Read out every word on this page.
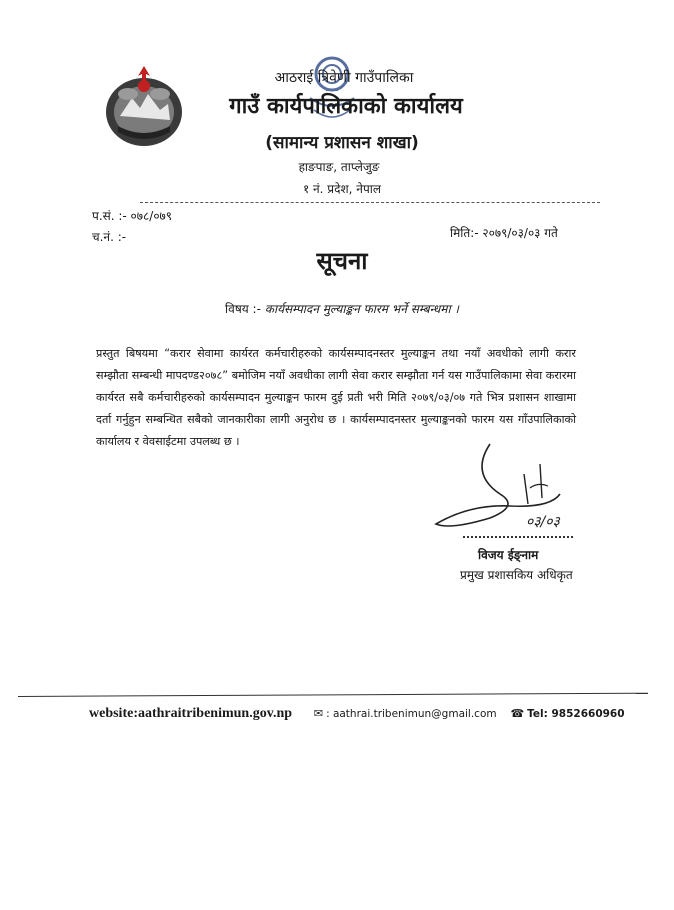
आठराई त्रिवेणी गाउँपालिका
गाउँ कार्यपालिकाको कार्यालय
(सामान्य प्रशासन शाखा)
हाङपाङ, ताप्लेजुङ
१ नं. प्रदेश, नेपाल
प.सं. :- ०७८/०७९
च.नं. :-	मिति:- २०७९/०३/०३ गते
सूचना
विषय :- कार्यसम्पादन मुल्याङ्कन फारम भर्ने सम्बन्धमा ।
प्रस्तुत बिषयमा “करार सेवामा कार्यरत कर्मचारीहरुको कार्यसम्पादनस्तर मुल्याङ्कन तथा नयाँ अवधीको लागी करार सम्झौता सम्बन्धी मापदण्ड२०७८” बमोजिम नयाँ अवधीका लागी सेवा करार सम्झौता गर्न यस गाउँपालिकामा सेवा करारमा कार्यरत सबै कर्मचारीहरुको कार्यसम्पादन मुल्याङ्कन फारम दुई प्रती भरी मिति २०७९/०३/०७ गते भित्र प्रशासन शाखामा दर्ता गर्नुहुन सम्बन्धित सबैको जानकारीका लागी अनुरोध छ । कार्यसम्पादनस्तर मुल्याङ्कनको फारम यस गाँउपालिकाको कार्यालय र वेवसाईटमा उपलब्ध छ ।
०३/०३
विजय ईङ्नाम
प्रमुख प्रशासकिय अधिकृत
website:aathraitribenimun.gov.np ✉ : aathrai.tribenimun@gmail.com ☎ Tel: 9852660960
